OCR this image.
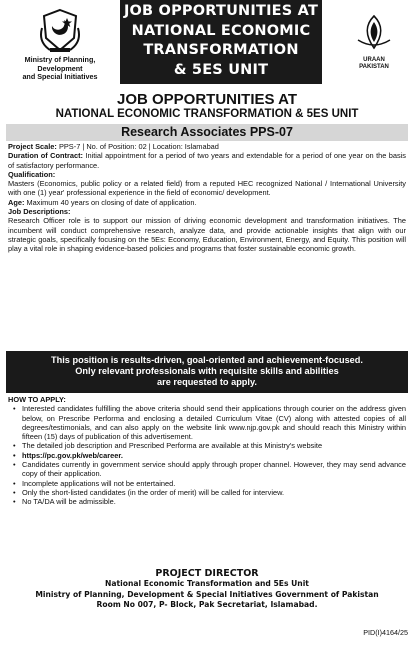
Ministry of Planning,
Development
and Special Initiatives
JOB OPPORTUNITIES AT
NATIONAL ECONOMIC
TRANSFORMATION
& 5ES UNIT
URAAN
PAKISTAN
JOB OPPORTUNITIES AT
NATIONAL ECONOMIC TRANSFORMATION & 5ES UNIT
Research Associates PPS-07

Project Scale: PPS-7 | No. of Position: 02 | Location: Islamabad

Duration of Contract: Initial appointment for a period of two years and extendable for a period of one year on the basis of satisfactory performance.

Qualification:

Masters (Economics, public policy or a related field) from a reputed HEC recognized National / International University with one (1) year' professional experience in the field of economic/ development.

Age: Maximum 40 years on closing of date of application.

Job Descriptions:

Research Officer role is to support our mission of driving economic development and transformation initiatives. The incumbent will conduct comprehensive research, analyze data, and provide actionable insights that align with our strategic goals, specifically focusing on the 5Es: Economy, Education, Environment, Energy, and Equity. This position will play a vital role in shaping evidence-based policies and programs that foster sustainable economic growth.

This position is results-driven, goal-oriented and achievement-focused.
Only relevant professionals with requisite skills and abilities
are requested to apply.
HOW TO APPLY:
• Interested candidates fulfilling the above criteria should send their applications through courier on the address given below, on Prescribe Performa and enclosing a detailed Curriculum Vitae (CV) along with attested copies of all degrees/testimonials, and can also apply on the website link www.njp.gov.pk and should reach this Ministry within fifteen (15) days of publication of this advertisement.
• The detailed job description and Prescribed Performa are available at this Ministry's website
• https://pc.gov.pk/web/career.
• Candidates currently in government service should apply through proper channel. However, they may send advance copy of their application.
• Incomplete applications will not be entertained.
• Only the short-listed candidates (in the order of merit) will be called for interview.
• No TA/DA will be admissible.
PROJECT DIRECTOR
National Economic Transformation and 5Es Unit
Ministry of Planning, Development & Special Initiatives Government of Pakistan
Room No 007, P- Block, Pak Secretariat, Islamabad.
PID(I)4164/25
